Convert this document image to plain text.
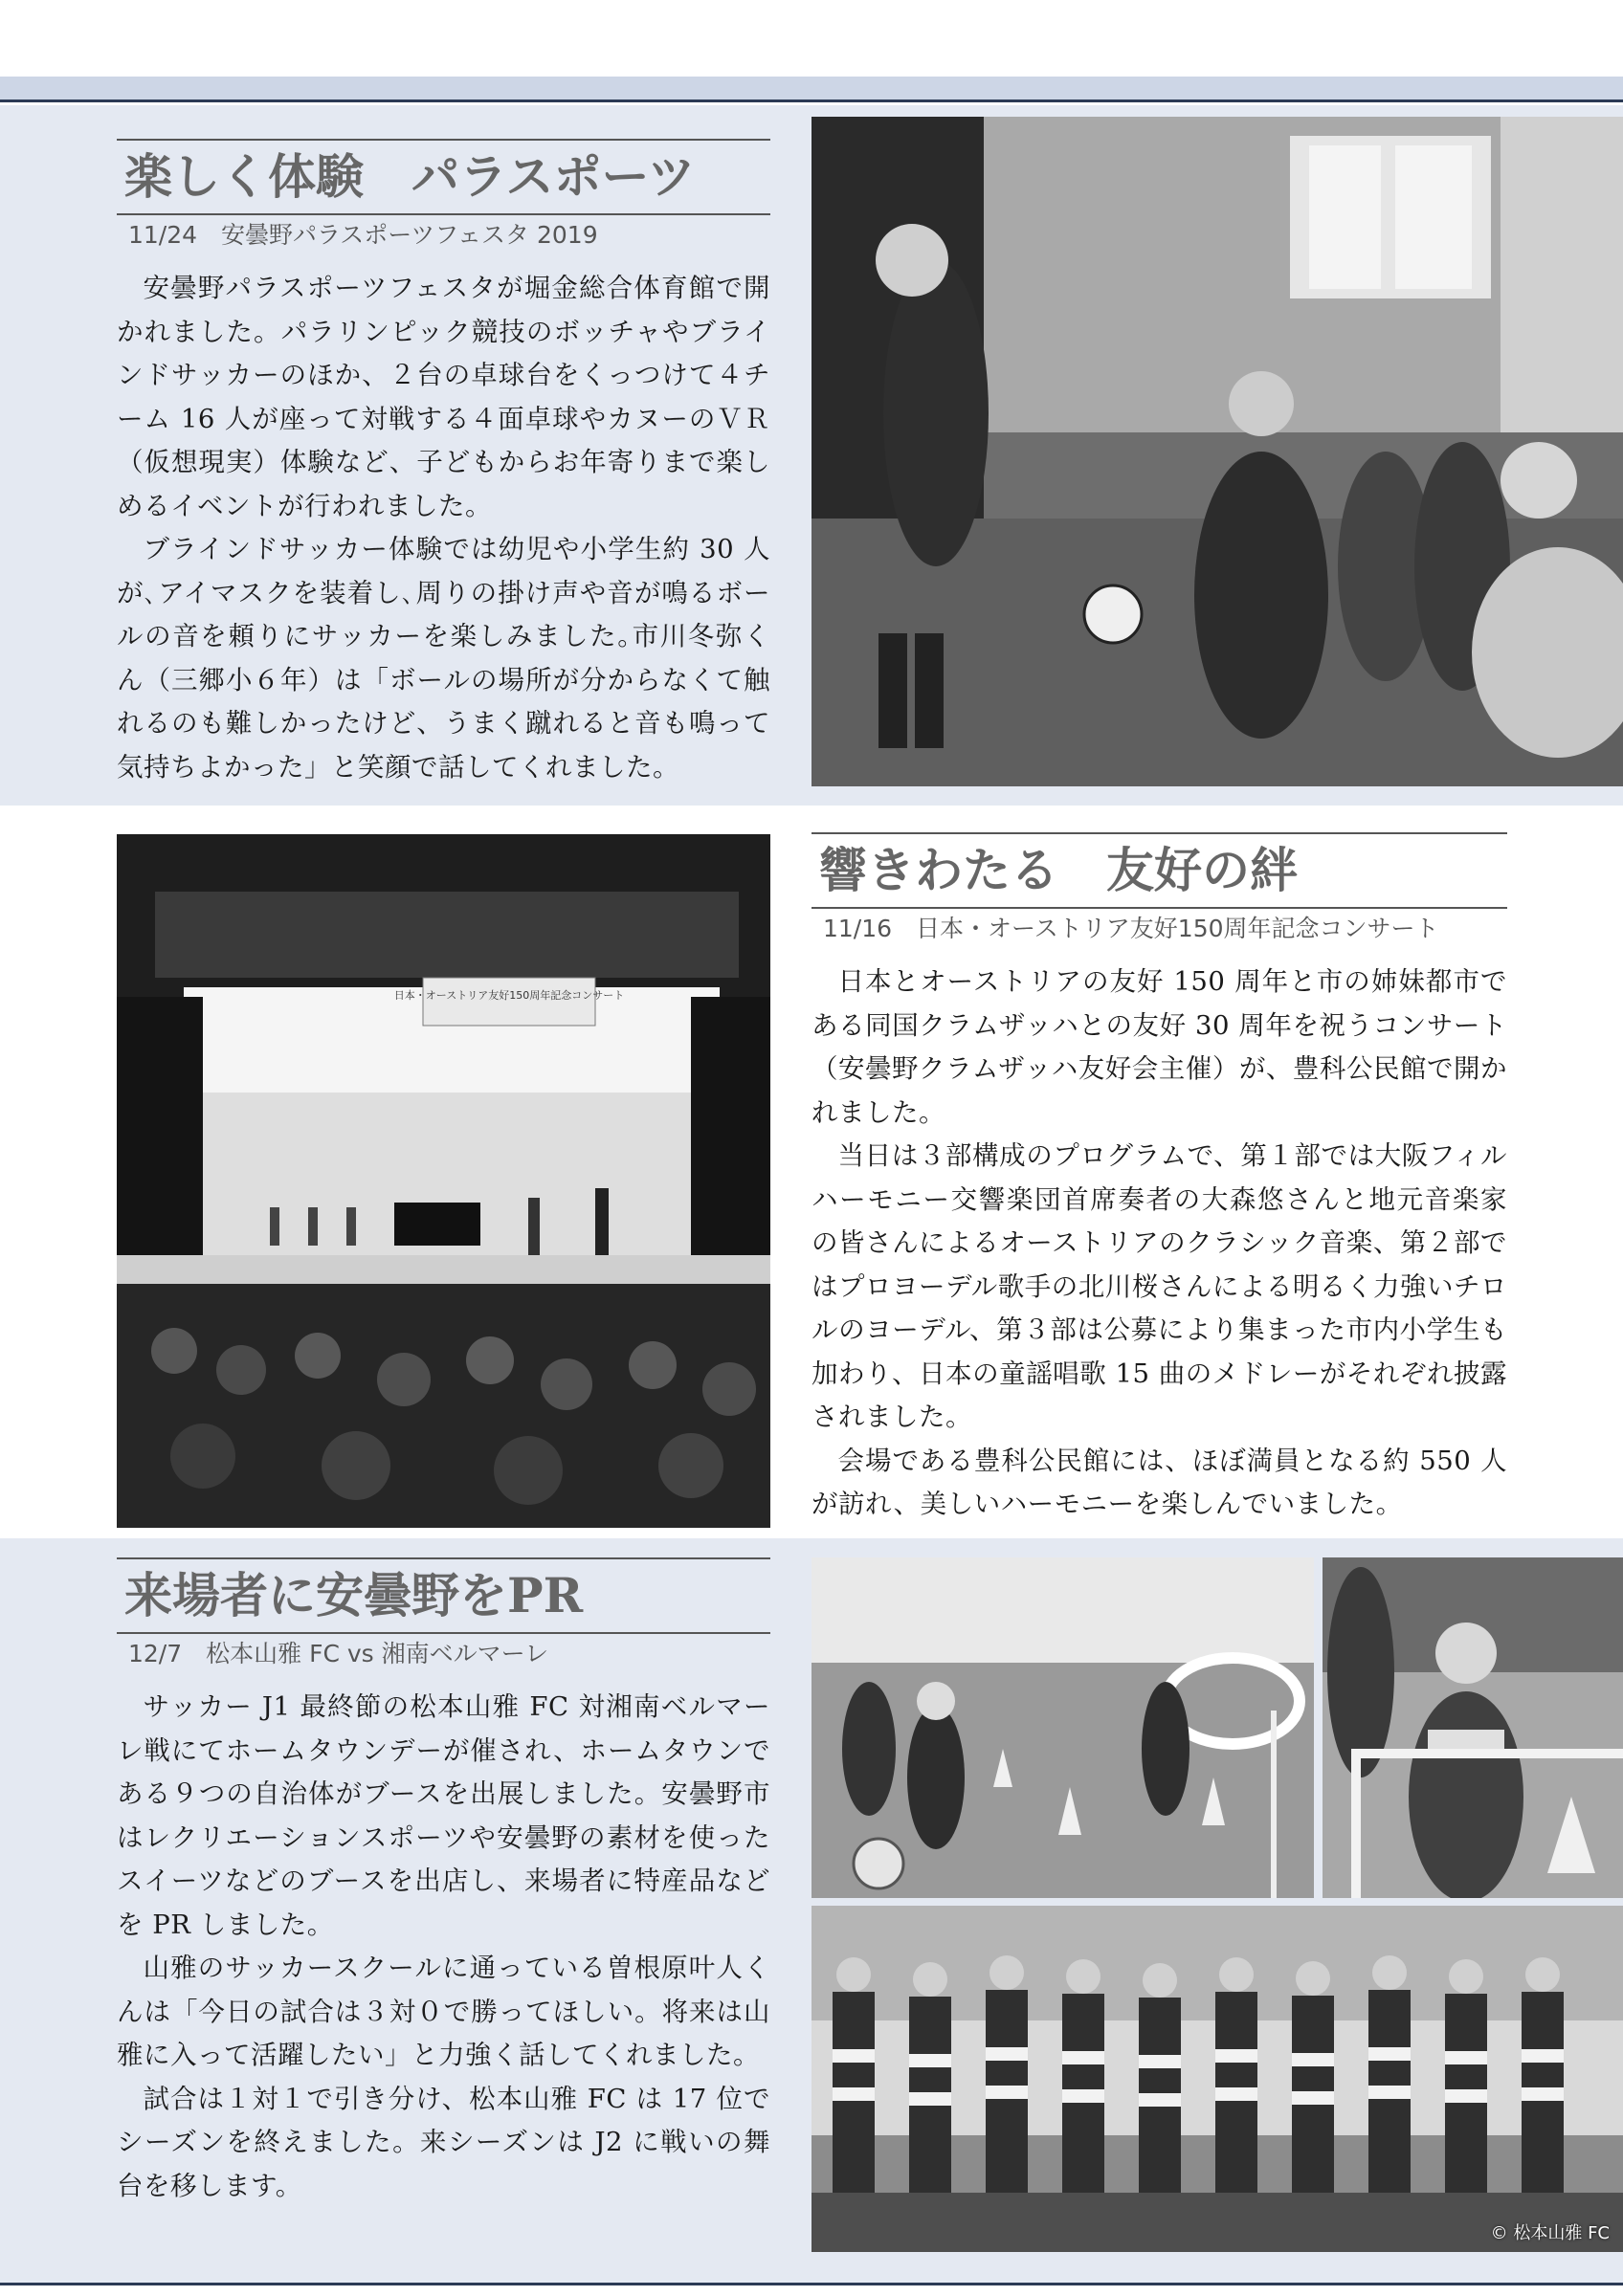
楽しく体験　パラスポーツ
11/24　安曇野パラスポーツフェスタ 2019

安曇野パラスポーツフェスタが堀金総合体育館で開かれました。パラリンピック競技のボッチャやブラインドサッカーのほか、２台の卓球台をくっつけて４チーム 16 人が座って対戦する４面卓球やカヌーのＶＲ（仮想現実）体験など、子どもからお年寄りまで楽しめるイベントが行われました。

ブラインドサッカー体験では幼児や小学生約 30 人が､アイマスクを装着し､周りの掛け声や音が鳴るボールの音を頼りにサッカーを楽しみました｡市川冬弥くん（三郷小６年）は「ボールの場所が分からなくて触れるのも難しかったけど、うまく蹴れると音も鳴って気持ちよかった」と笑顔で話してくれました。

日本・オーストリア友好150周年記念コンサート
響きわたる　友好の絆
11/16　日本・オーストリア友好150周年記念コンサート

日本とオーストリアの友好 150 周年と市の姉妹都市である同国クラムザッハとの友好 30 周年を祝うコンサート（安曇野クラムザッハ友好会主催）が、豊科公民館で開かれました。

当日は３部構成のプログラムで、第１部では大阪フィルハーモニー交響楽団首席奏者の大森悠さんと地元音楽家の皆さんによるオーストリアのクラシック音楽、第２部ではプロヨーデル歌手の北川桜さんによる明るく力強いチロルのヨーデル、第３部は公募により集まった市内小学生も加わり、日本の童謡唱歌 15 曲のメドレーがそれぞれ披露されました。

会場である豊科公民館には、ほぼ満員となる約 550 人が訪れ、美しいハーモニーを楽しんでいました。

来場者に安曇野をPR
12/7　松本山雅 FC vs 湘南ベルマーレ

サッカー J1 最終節の松本山雅 FC 対湘南ベルマーレ戦にてホームタウンデーが催され、ホームタウンである９つの自治体がブースを出展しました。安曇野市はレクリエーションスポーツや安曇野の素材を使ったスイーツなどのブースを出店し、来場者に特産品などを PR しました。

山雅のサッカースクールに通っている曽根原叶人くんは「今日の試合は３対０で勝ってほしい。将来は山雅に入って活躍したい」と力強く話してくれました。

試合は１対１で引き分け、松本山雅 FC は 17 位でシーズンを終えました。来シーズンは J2 に戦いの舞台を移します。

© 松本山雅 FC
